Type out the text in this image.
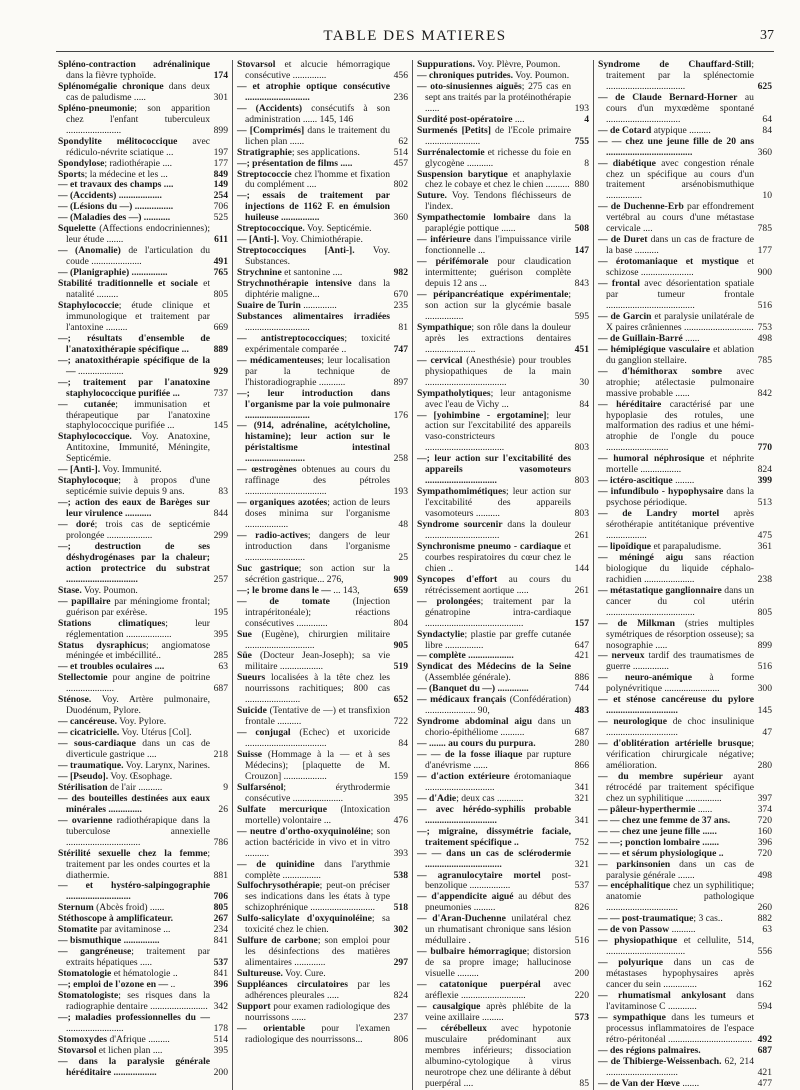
TABLE DES MATIERES	37
Spléno-contraction adrénalinique dans la fièvre typhoïde.	174
Splénomégalie chronique dans deux cas de paludisme .....	301
Spléno-pneumonie; son apparition chez l'enfant tuberculeux .......................	899
Spondylite mélitococcique avec rédiculo-névrite sciatique ...	197
Spondylose; radiothérapie ....	177
Sports; la médecine et les ...	849
— et travaux des champs ....	149
— (Accidents) ..................	254
— (Lésions du —) ................	706
— (Maladies des —) ...........	525
Squelette (Affections endocriniennes); leur étude .......	611
— (Anomalie) de l'articulation du coude .....................	491
— (Planigraphie) ...............	765
Stabilité traditionnelle et sociale et natalité .........	805
Staphylococcie; étude clinique et immunologique et traitement par l'antoxine .........	669
—; résultats d'ensemble de l'anatoxithérapie spécifique ...	889
—; anatoxithérapie spécifique de la — ...................	929
—; traitement par l'anatoxine staphylococcique purifiée ...	737
— cutanée; immunisation et thérapeutique par l'anatoxine staphylococcique purifiée ...	145
Staphylococcique. Voy. Anatoxine, Antitoxine, Immunité, Méningite, Septicémie.
— [Anti-]. Voy. Immunité.
Staphylocoque; à propos d'une septicémie suivie depuis 9 ans.	83
—; action des eaux de Barèges sur leur virulence ...........	844
— doré; trois cas de septicémie prolongée ...................	299
—; destruction de ses déshydrogénases par la chaleur; action protectrice du substrat ..............................	257
Stase. Voy. Poumon.
— papillaire par méningiome frontal; guérison par exérèse.	195
Stations climatiques; leur réglementation ...................	395
Status dysraphicus; angiomatose méningée et imbécillité..	285
— et troubles oculaires ....	63
Stellectomie pour angine de poitrine ....................	687
Sténose. Voy. Artère pulmonaire, Duodénum, Pylore.
— cancéreuse. Voy. Pylore.
— cicatricielle. Voy. Utérus [Col].
— sous-cardiaque dans un cas de diverticule gastrique ....	218
— traumatique. Voy. Larynx, Narines.
— [Pseudo]. Voy. Œsophage.
Stérilisation de l'air ..........	9
— des bouteilles destinées aux eaux minérales ..............	26
— ovarienne radiothérapique dans la tuberculose annexielle ...............................	786
Stérilité sexuelle chez la femme; traitement par les ondes courtes et la diathermie.	881
— et hystéro-salpingographie ...........................	706
Sternum (Abcès froid) ......	805
Stéthoscope à amplificateur.	267
Stomatite par avitaminose ...	234
— bismuthique ...............	841
— gangréneuse; traitement par extraits hépatiques .....	537
Stomatologie et hématologie ..	841
—; emploi de l'ozone en — ..	396
Stomatologiste; ses risques dans la radiographie dentaire ........................ 342
—; maladies professionnelles du — ........................	178
Stomoxydes d'Afrique .........	514
Stovarsol et lichen plan ....	395
— dans la paralysie générale héréditaire ..................	200
Stovarsol et alcucie hémorragique consécutive ..............	456
— et atrophie optique consécutive ...........................	236
— (Accidents) consécutifs à son administration ...... 145, 146
— [Comprimés] dans le traitement du lichen plan ......	62
Stratigraphie; ses applications.	514
—; présentation de films .....	457
Streptococcie chez l'homme et fixation du complément ....	802
—; essais de traitement par injections de 1162 F. en émulsion huileuse ................	360
Streptococcique. Voy. Septicémie.
— [Anti-]. Voy. Chimiothérapie.
Streptococciques [Anti-]. Voy. Substances.
Strychnine et santonine ....	982
Strychnothérapie intensive dans la diphtérie maligne...	670
Suaire de Turin ..............	235
Substances alimentaires irradiées ...........................	81
— antistreptococciques; toxicité expérimentale comparée ..	747
— médicamenteuses; leur localisation par la technique de l'historadiographie ...........	897
—; leur introduction dans l'organisme par la voie pulmonaire ...........................	176
— (914, adrénaline, acétylcholine, histamine); leur action sur le péristaltisme intestinal .........................	258
— œstrogènes obtenues au cours du raffinage des pétroles ..................................	193
— organiques azotées; action de leurs doses minima sur l'organisme ..................	48
— radio-actives; dangers de leur introduction dans l'organisme .........................	25
Suc gastrique; son action sur la sécrétion gastrique... 276,	909
—; le brome dans le — ... 143,	659
— de tomate (Injection intrapéritonéale); réactions consécutives .............	804
Sue (Eugène), chirurgien militaire .............................	905
Süe (Docteur Jean-Joseph); sa vie militaire ..................	519
Sueurs localisées à la tête chez les nourrissons rachitiques; 800 cas .......................	652
Suicide (Tentative de —) et transfixion frontale ..........	722
— conjugal (Echec) et uxoricide ..................................	84
Suisse (Hommage à la — et à ses Médecins); [plaquette de M. Crouzon] ..................	159
Sulfarsénol; érythrodermie consécutive .....................	395
Sulfate mercurique (Intoxication mortelle) volontaire ...	476
— neutre d'ortho-oxyquinoléine; son action bactéricide in vivo et in vitro ..........	393
— de quinidine dans l'arythmie complète ................	538
Sulfochrysothérapie; peut-on préciser ses indications dans les états à type schizophrénique ........................... 518
Sulfo-salicylate d'oxyquinoléine; sa toxicité chez le chien.	302
Sulfure de carbone; son emploi pour les désinfections des matières alimentaires .............	297
Sultureuse. Voy. Cure.
Suppléances circulatoires par les adhérences pleurales .....	824
Support pour examen radiologique des nourrissons ......	237
— orientable pour l'examen radiologique des nourrissons...	806
Suppurations. Voy. Plèvre, Poumon.
— chroniques putrides. Voy. Poumon.
— oto-sinusiennes aiguës; 275 cas en sept ans traités par la protéinothérapie ......	193
Surdité post-opératoire ....	4
Surmenés [Petits] de l'Ecole primaire .......................	755
Surrénalectomie et richesse du foie en glycogène ...........	8
Suspension barytique et anaphylaxie chez le cobaye et chez le chien .......... 880
Suture. Voy. Tendons fléchisseurs de l'index.
Sympathectomie lombaire dans la paraplégie pottique ......	508
— inférieure dans l'impuissance virile fonctionnelle ...	147
— périfémorale pour claudication intermittente; guérison complète depuis 12 ans ...	843
— péripancréatique expérimentale; son action sur la glycémie basale ................	595
Sympathique; son rôle dans la douleur après les extractions dentaires .....................	451
— cervical (Anesthésie) pour troubles physiopathiques de la main ..................................	30
Sympatholytiques; leur antagonisme avec l'eau de Vichy ...	84
— [yohimbine - ergotamine]; leur action sur l'excitabilité des appareils vaso-constricteurs .................................	803
—; leur action sur l'excitabilité des appareils vasomoteurs ..............................	803
Sympathomimétiques; leur action sur l'excitabilité des appareils vasomoteurs ..........	803
Syndrome sourcenir dans la douleur ...............................	261
Synchronisme pneumo - cardiaque et courbes respiratoires du cœur chez le chien ..	144
Syncopes d'effort au cours du rétrécissement aortique .....	261
— prolongées; traitement par la génatropine intra-cardiaque .........................................	157
Syndactylie; plastie par greffe cutanée libre ................	647
— complète ...................	421
Syndicat des Médecins de la Seine (Assemblée générale).	886
— (Banquet du —) .............	744
— médicaux français (Confédération) ..................... 90,	483
Syndrome abdominal aigu dans un chorio-épithéliome ..........	687
— ....... au cours du purpura.	280
— — de la fosse iliaque par rupture d'anévrisme ......	866
— d'action extérieure érotomaniaque .............................	341
— d'Adie; deux cas ...........	321
— avec hérédo-syphilis probable ..............................	341
—; migraine, dissymétrie faciale, traitement spécifique ..	752
— — dans un cas de sclérodermie ................................	321
— agranulocytaire mortel post-benzolique .................	537
— d'appendicite aigué au début des pneumonies .........	826
— d'Aran-Duchenne unilatéral chez un rhumatisant chronique sans lésion médullaire .	516
— bulbaire hémorragique; distorsion de sa propre image; hallucinose visuelle .........	200
— catatonique puerpéral avec aréflexie ...........................	220
— causalgique après phlébite de la veine axillaire .........	573
— cérébelleux avec hypotonie musculaire prédominant aux membres inférieurs; dissociation albumino-cytologique à virus neurotrope chez une délirante à début puerpéral ....	85
Syndrome de Chauffard-Still; traitement par la splénectomie .................................	625
— de Claude Bernard-Horner au cours d'un myxœdème spontané ...............................	64
— de Cotard atypique .........	84
— — chez une jeune fille de 20 ans ....................................	360
— diabétique avec congestion rénale chez un spécifique au cours d'un traitement arsénobismuthique ...............	10
— de Duchenne-Erb par effondrement vertébral au cours d'une métastase cervicale ....	785
— de Duret dans un cas de fracture de la base ..........	177
— érotomaniaque et mystique et schizose ......................	900
— frontal avec désorientation spatiale par tumeur frontale .....................................	516
— de Garcin et paralysie unilatérale de X paires crâniennes ............................. 753
— de Guillain-Barré ......	498
— hémiplégique vasculaire et ablation du ganglion stellaire.	785
— d'hémithorax sombre avec atrophie; atélectasie pulmonaire massive probable ......	842
— héréditaire caractérisé par une hypoplasie des rotules, une malformation des radius et une hémi-atrophie de l'ongle du pouce ..........................	770
— humoral néphrosique et néphrite mortelle .................	824
— ictéro-ascitique ........	399
— infundibulo - hypophysaire dans la psychose périodique.	513
— de Landry mortel après sérothérapie antitétanique préventive .................	475
— lipoïdique et parapaludisme.	361
— méningé aigu sans réaction biologique du liquide céphalo-rachidien .....................	238
— métastatique ganglionnaire dans un cancer du col utérin .....................................	805
— de Milkman (stries multiples symétriques de résorption osseuse); sa nosographie .....	899
— nerveux tardif des traumatismes de guerre ...............	516
— neuro-anémique à forme polynévritique .......................	300
— et sténose cancéreuse du pylore ..............................	145
— neurologique de choc insulinique ..............................	47
— d'oblitération artérielle brusque; vérification chirurgicale négative; amélioration.	280
— du membre supérieur ayant rétrocédé par traitement spécifique chez un syphilitique ...............	397
— pâleur-hyperthermie ......	374
— — chez une femme de 37 ans.	720
— — chez une jeune fille ......	160
— —; ponction lombaire .......	396
— — et sérum physiologique ..	720
— parkinsonien dans un cas de paralysie générale .......	498
— encéphalitique chez un syphilitique; anatomie pathologique ..............................	260
— — post-traumatique; 3 cas..	882
— de von Passow ..........	63
— physiopathique et cellulite, 514, .................................	556
— polyurique dans un cas de métastases hypophysaires après cancer du sein ..............	162
— rhumatismal ankylosant dans l'avitaminose C ............	594
— sympathique dans les tumeurs et processus inflammatoires de l'espace rétro-péritonéal ................................... 492
— des régions palmaires.	687
— de Thibierge-Weissenbach. 62, 214 ..............................	421
— de Van der Hœve .......	477
